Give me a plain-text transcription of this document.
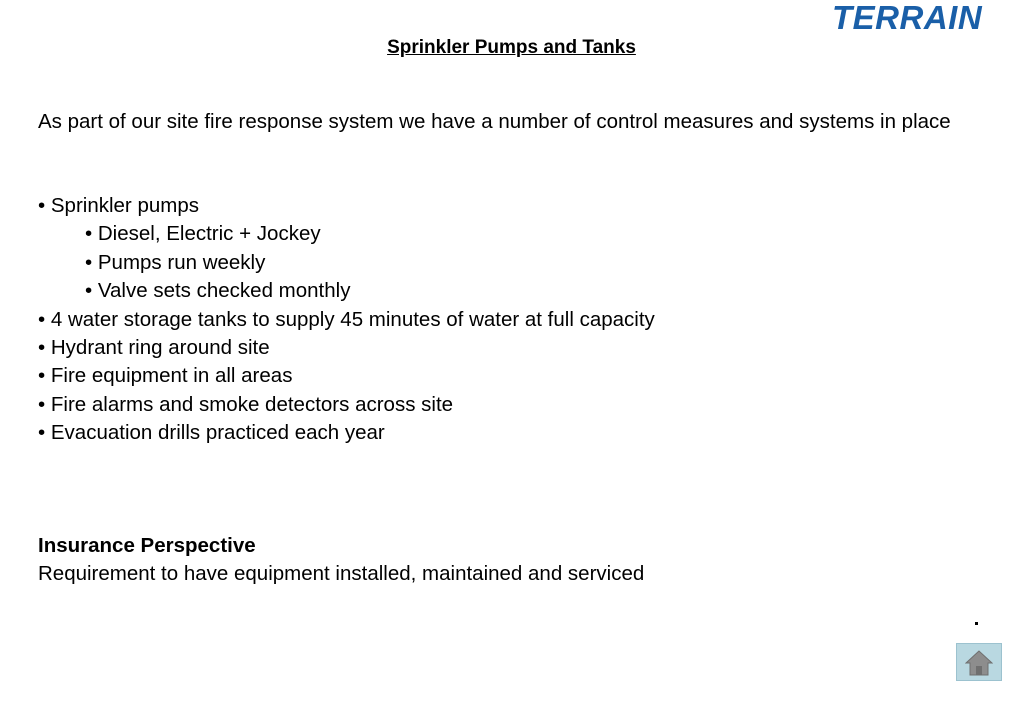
TERRAIN
Sprinkler Pumps and Tanks
As part of our site fire response system we have a number of control measures and systems in place
• Sprinkler pumps
• Diesel, Electric + Jockey
• Pumps run weekly
• Valve sets checked monthly
• 4 water storage tanks to supply 45 minutes of water at full capacity
• Hydrant ring around site
• Fire equipment in all areas
• Fire alarms and smoke detectors across site
• Evacuation drills practiced each year
Insurance Perspective
Requirement to have equipment installed, maintained and serviced
